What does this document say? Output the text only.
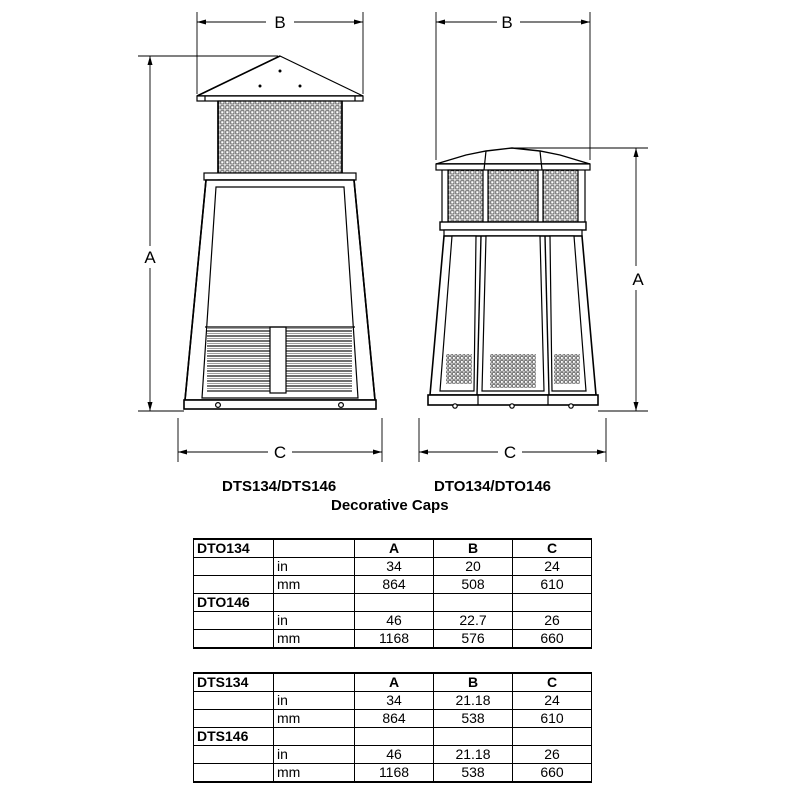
B
A
C
B
A
C
DTS134/DTS146	DTO134/DTO146
Decorative Caps
DTO134		A	B	C
	in	34	20	24
	mm	864	508	610
DTO146				
	in	46	22.7	26
	mm	1168	576	660
DTS134		A	B	C
	in	34	21.18	24
	mm	864	538	610
DTS146				
	in	46	21.18	26
	mm	1168	538	660
